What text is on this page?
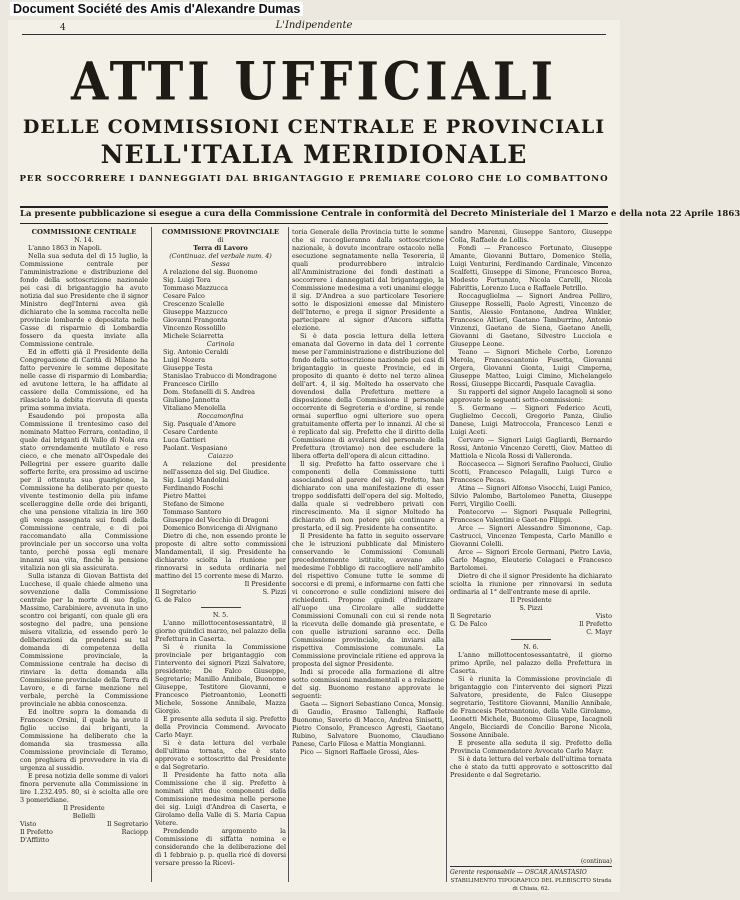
Document Société des Amis d'Alexandre Dumas
4	L'Indipendente
ATTI UFFICIALI
DELLE COMMISSIONI CENTRALE E PROVINCIALI
NELL'ITALIA MERIDIONALE
PER SOCCORRERE I DANNEGGIATI DAL BRIGANTAGGIO E PREMIARE COLORO CHE LO COMBATTONO
La presente pubblicazione si esegue a cura della Commissione Centrale in conformità del Decreto Ministeriale del 1 Marzo e della nota 22 Aprile 1863
COMMISSIONE CENTRALE
N. 14.

L'anno 1863 in Napoli.

Nella sua seduta del dì 15 luglio, la Commissione centrale per l'amministrazione e distribuzione del fondo della sottoscrizione nazionale pei casi di brigantaggio ha avuto notizia dal suo Presidente che il signor Ministro degl'Interni avea già dichiarato che la somma raccolta nelle provincie lombarde e depositata nelle Casse di risparmio di Lombardia fossero da questa inviate alla Commissione centrale.

Ed in effetti già il Presidente della Congregazione di Carità di Milano ha fatto pervenire le somme depositate nelle casse di risparmio di Lombardia; ed avutone lettera, le ha affidate al cassiere della Commissione, ed ha rilasciato la debita ricevuta di questa prima somma inviata.

Esaudendo poi proposta alla Commissione il trentesimo caso del nominato Matteo Ferrara, contadino, il quale dai briganti di Vallo di Nola era stato orrendamente mutilato e reso cieco, e che menato all'Ospedale dei Pellegrini per essere guarito dalle sofferte ferite, era prossimo ad uscirne per il ottenuta sua guarigione, la Commissione ha deliberato per questo vivente testimonio della più infame scelleraggine delle orde dei briganti, che una pensione vitalizia in lire 360 gli venga assegnata sui fondi della Commissione centrale, e di poi raccomandato alla Commissione provinciale per un soccorso una volta tanto, perchè possa egli menare innanzi sua vita, finchè la pensione vitalizia non gli sia assicurata.

Sulla istanza di Giovan Battista del Lucchese, il quale chiede almeno una sovvenzione dalla Commissione centrale per la morte di suo figlio, Massimo, Carabiniere, avvenuta in uno scontro coi briganti, con quale gli era sostegno del padre, una pensione misera vitalizia, ed essendo però le deliberazioni da prendersi su tal domanda di competenza della Commissione provinciale, la Commissione centrale ha deciso di rinviare la detta domanda alla Commissione provinciale della Terra di Lavoro, e di farne menzione nel verbale, perchè la Commissione provinciale ne abbia conoscenza.

Ed inoltre sopra la domanda di Francesco Orsini, il quale ha avuto il figlio ucciso dai briganti, la Commissione ha deliberato che la domanda sia trasmessa alla Commissione provinciale di Teramo, con preghiera di provvedere in via di urgenza al sussidio.

E presa notizia delle somme di valori finora pervenute alla Commissione in lire 1.232.495. 80, si è sciolta alle ore 3 pomeridiane.

Il Presidente
Bellelli
Visto	Il Segretario
Il Prefetto	Raciopp
D'Afflitto
COMMISSIONE PROVINCIALE
di
Terra di Lavoro
(Continuaz. del verbale num. 4)
Sessa

A relazione del sig. Buonomo

Sig. Luigi Tora

Tommaso Mazzucca

Cesare Falco

Crescenzo Scalelle

Giuseppe Mazzucco

Giovanni Frangonta

Vincenzo Rossolillo

Michele Sciarretta

Carinola

Sig. Antonio Ceraldi

Luigi Nozera

Giuseppe Testa

Stanislao Trabucco di Mondragone

Francesco Cirillo

Dom. Stefanelli di S. Andrea

Giuliano Jannotta

Vitaliano Menolella

Roccamonfina

Sig. Pasquale d'Amore

Cesare Cardente

Luca Gattieri

Paolant. Vespasiano

Caiazzo

A relazione del presidente nell'assenza del sig. Del Giudice.

Sig. Luigi Mandolini

Ferdinando Foschi

Pietro Mattei

Stefano de Simone

Tommaso Santoro

Giuseppe del Vecchio di Dragoni

Domenico Bonvicenga di Alvignano

Dietro di che, non essendo pronte le proposte di altre sotto commissioni Mandamentali, il sig. Presidente ha dichiarato sciolta la riunione per rinnovarsi in seduta ordinaria nel mattino del 15 corrente mese di Marzo.

Il Presidente
Il Segretario	S. Pizzi
G. de Falco
N. 5.

L'anno millottocentosessantatrè, il giorno quindici marzo, nel palazzo della Prefettura in Caserta.

Si è riunita la Commissione provinciale per brigantaggio con l'intervento dei signori Pizzi Salvatore, presidente; De Falco Giuseppe, Segretario; Manillo Annibale, Buonomo Giuseppe, Testitore Giovanni, e Francesco Pietroantonio, Leonetti Michele, Sossone Annibale, Mazza Giorgio.

E presente alla seduta il sig. Prefetto della Provincia Commend. Avvocato Carlo Mayr.

Si è data lettura del verbale dell'ultima tornata, che è stato approvato e sottoscritto dal Presidente e dal Segretario.

Il Presidente ha fatto nota alla Commissione che il sig. Prefetto à nominati altri due componenti della Commissione medesima nelle persone dei sig. Luigi d'Andrea di Caserta, e Girolamo della Valle di S. Maria Capua Vetere.

Prendendo argomento la Commissione di siffatta nomina e considerando che la deliberazione del dì 1 febbraio p. p. quella ricé di doversi versare presso la Ricevi-

toria Generale della Provincia tutte le somme che si raccoglieranno dalla sottoscrizione nazionale, à dovuto incontrare ostacolo nella esecuzione segnatamente nella Tesoreria, il quali produrrebbero intralcio all'Amministrazione dei fondi destinati a soccorrere i danneggiati dal brigantaggio, la Commissione medesima a voti unanimi elegge il sig. D'Andrea a suo particolare Tesoriere sotto le disposizioni emesse dal Ministero dell'Interno, e prega il signor Presidente a partecipare al signor d'Ancora siffatta elezione.

Si è data poscia lettura della lettera emanata dal Governo in data del 1 corrente mese per l'amministrazione e distribuzione del fondo della sottoscrizione nazionale pei casi di brigantaggio in queste Provincie, ed in proposito di quanto è detto nel terzo alinea dell'art. 4, il sig. Moltedo ha osservato che dovendosi dalla Prefettura mettere a disposizione della Commissione il personale occorrente di Segreteria e d'ordine, si rende ormai superfluo ogni ulteriore suo opera gratuitamente offerta per lo innanzi. Al che si è replicato dal sig. Prefetto che il diritto della Commissione di avvalersi del personale della Prefettura (troviamo) non dee escludere la libera offerta dell'opera di alcun cittadino.

Il sig. Prefetto ha fatto osservare che i componenti della Commissione tutti associandosi al parere del sig. Prefetto, han dichiarato con una manifestazione di esser troppo soddisfatti dell'opera del sig. Moltedo, dalla quale si vedrebbero privati con rincrescimento. Ma il signor Moltedo ha dichiarato di non potere più continuare a prestarla, ed il sig. Presidente ha consentito.

Il Presidente ha fatto in seguito osservare che le istruzioni pubblicate dal Ministero conservando le Commissioni Comunali precedentemente istituite, avevano allo medesime l'obbligo di raccogliere nell'ambito del rispettivo Comune tutte le somme di soccorsi e di premi, e informarne con fatti che vi concorrono e sulle condizioni misere dei richiedenti. Propone quindi d'indirizzare all'uopo una Circolare alle suddette Commissioni Comunali con cui si rende nota la ricevuta delle domande già presentate, e con quelle istruzioni saranno ecc. Della Commissione provinciale, da inviarsi alla rispettiva Commissione comunale. La Commissione provinciale ritiene ed approva la proposta del signor Presidente.

Indi si procede alla formazione di altre sotto commissioni mandamentali e a relazione del sig. Buonomo restano approvate le seguenti:

Gaeta — Signori Sebastiano Conca, Monsig. di Gaudio, Erasmo Tallenghi, Raffaele Buonomo, Saverio di Macco, Andrea Sinisetti, Pietro Consolo, Francesco Agresti, Gaetano Rubino, Salvatore Buonomo, Claudiano Panese, Carlo Filosa e Mattia Mongianni.

Pico — Signori Raffaele Grossi, Ales-

sandro Marenni, Giuseppe Santoro, Giuseppe Colla, Raffaele de Lollis.

Fondi — Francesco Fortunato, Giuseppe Amante, Giovanni Buttaro, Domenico Stella, Luigi Venturini, Ferdinando Cardinale, Vincenzo Scalfetti, Giuseppe di Simone, Francesco Borea, Modesto Fortunato, Nicola Carelli, Nicola Fabrittis, Lorenzo Luca e Raffaele Petrillo.

Roccaguglielma — Signori Andrea Pelliro, Giuseppe Rosselli, Paolo Agresti, Vincenzo de Santis, Alessio Fontanone, Andrea Winkler, Francesco Altieri, Gaetano Tamburrino, Antonio Vinzenzi, Gaetano de Siena, Gaetano Anelli, Giovanni di Gaetano, Silvestro Lucciola e Giuseppe Leone.

Teano — Signori Michele Corbo, Lorenzo Merola, Francescantonio Fusetta, Giovanni Orgera, Giovanni Gionta, Luigi Cimperna, Giuseppe Matteo, Luigi Cimino, Michelangelo Rossi, Giuseppe Biccardi, Pasquale Cavaglia.

Su rapporti del signor Angelo Iacagnoli si sono approvate le seguenti sotto-commissioni:

S. Germano — Signori Federico Acuti, Guglielmo Ceccoli, Gregorio Panza, Giulio Danese, Luigi Matroccola, Francesco Lenzi e Luigi Aceti.

Cervaro — Signori Luigi Gagliardi, Bernardo Rossi, Antonio Vincenzo Ceretti, Giov. Matteo di Mattiola e Nicola Rossi di Valleronda.

Roccasecca — Signori Serafino Paolucci, Giulio Scotti, Francesco Pelagalli, Luigi Turco e Francesco Pecas.

Atina — Signori Alfonso Visocchi, Luigi Panico, Silvio Palombo, Bartolomeo Panetta, Giuseppe Ferri, Virgilio Coelli.

Pontecorvo — Signori Pasquale Pellegrini, Francesco Valentini e Gaet-no Filippi.

Arce — Signori Alessandro Simonone, Cap. Castrucci, Vincenzo Tempesta, Carlo Manillo e Giovanni Colelli.

Arce — Signori Ercole Germani, Pietro Lavia, Carlo Magno, Eleuterio Colagaci e Francesco Bartolomei.

Dietro di che il signor Presidente ha dichiarato sciolta la riunione per rinnovarsi in seduta ordinaria al 1° dell'entrante mese di aprile.

Il Presidente
S. Pizzi
Il Segretario	Visto
G. De Falco	Il Prefetto
C. Mayr
N. 6.

L'anno millottocentosessantatrè, il giorno primo Aprile, nel palazzo della Prefettura in Caserta.

Si è riunita la Commissione provinciale di brigantaggio con l'intervento dei signori Pizzi Salvatore, presidente, de Falco Giuseppe segretario, Testitore Giovanni, Manilio Annibale, de Francesis Pietroantonio, della Valle Girolamo, Leonetti Michele, Buonomo Giuseppe, Iacagnoli Angelo, Bicciardi de Concilio Barone Nicola, Sossone Annibale.

E presente alla seduta il sig. Prefetto della Provincia Commendatore Avvocato Carlo Mayr.

Si è data lettura del verbale dell'ultima tornata che è stato da tutti approvato e sottoscritto dal Presidente e dal Segretario.

(continua)
Gerente responsabile — OSCAR ANASTASIO
STABILIMENTO TIPOGRAFICO DEL PLEBISCITO Strada di Chiaia, 62.
